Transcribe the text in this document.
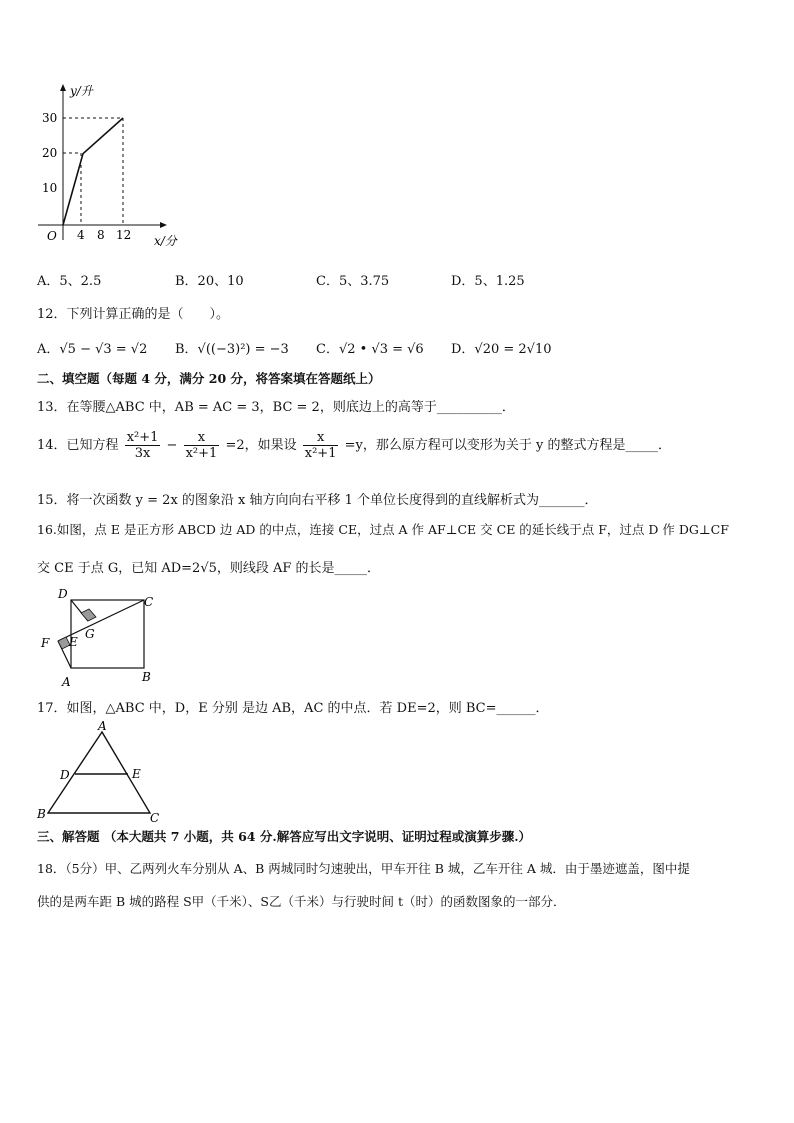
y/升
30
20
10
O 4 8 12 x/分
A．5、2.5	B．20、10	C．5、3.75	D．5、1.25
12．下列计算正确的是（　　）。
A．√5 − √3 = √2 B．√((−3)²) = −3 C．√2 • √3 = √6 D．√20 = 2√10
二、填空题（每题 4 分，满分 20 分，将答案填在答题纸上）
13．在等腰△ABC 中，AB = AC = 3，BC = 2，则底边上的高等于__________．
14．已知方程 $\frac{\text{x²+1}}{3x} - \frac{x}{\text{x²+1}} =2$，如果设 $\frac{x}{\text{x²+1}} =y$，那么原方程可以变形为关于 y 的整式方程是_____．
15．将一次函数 y = 2x 的图象沿 x 轴方向向右平移 1 个单位长度得到的直线解析式为_______．
16.如图，点 E 是正方形 ABCD 边 AD 的中点，连接 CE，过点 A 作 AF⊥CE 交 CE 的延长线于点 F，过点 D 作 DG⊥CF
交 CE 于点 G，已知 AD=2√5，则线段 AF 的长是_____．
D
C
G
E
F
A	B
17．如图，△ABC 中，D，E 分别 是边 AB，AC 的中点．若 DE=2，则 BC=______．
A
D	E
B	C
三、解答题 （本大题共 7 小题，共 64 分.解答应写出文字说明、证明过程或演算步骤.）
18．（5分）甲、乙两列火车分别从 A、B 两城同时匀速驶出，甲车开往 B 城，乙车开往 A 城．由于墨迹遮盖，图中提
供的是两车距 B 城的路程 S甲（千米）、S乙（千米）与行驶时间 t（时）的函数图象的一部分．
